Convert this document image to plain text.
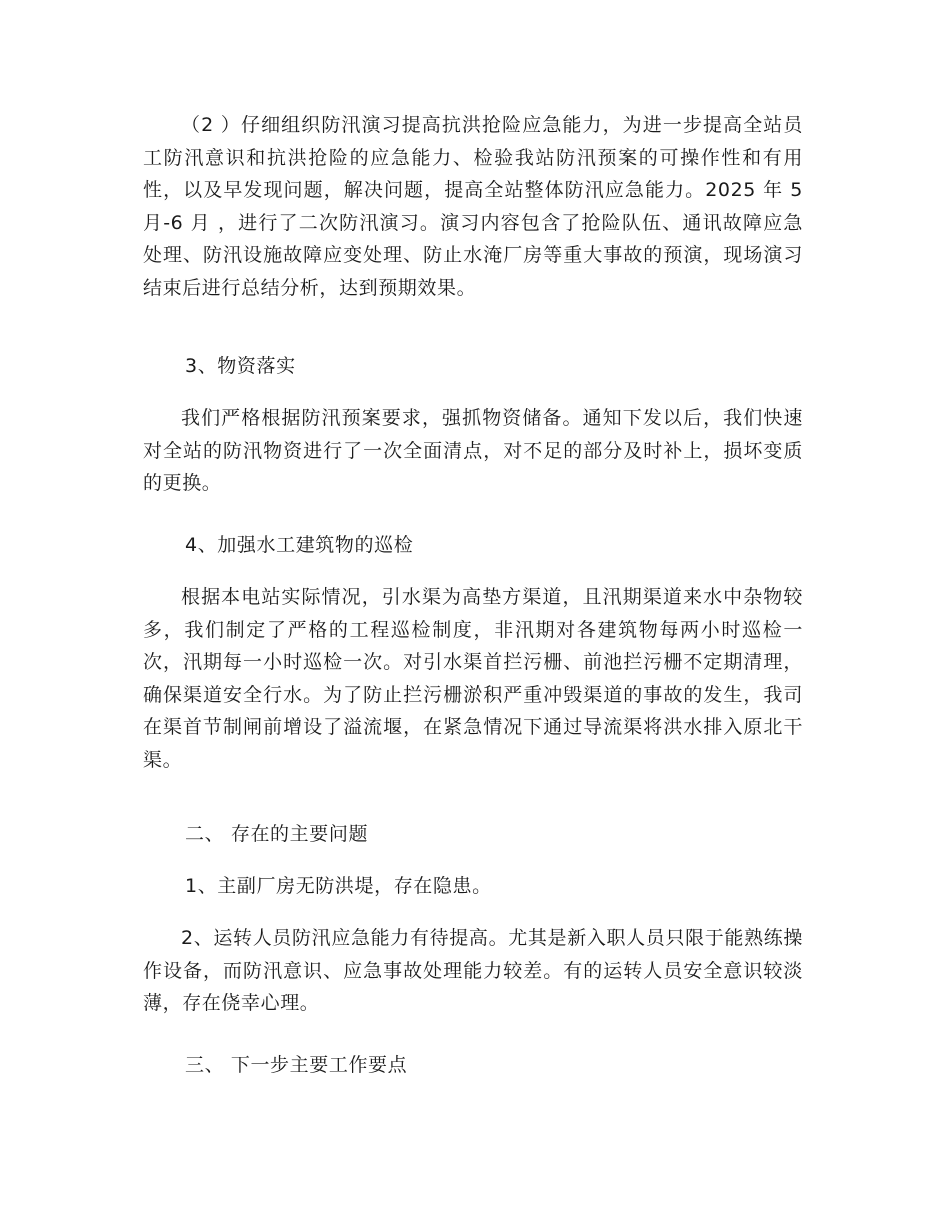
（2 ）仔细组织防汛演习提高抗洪抢险应急能力，为进一步提高全站员工防汛意识和抗洪抢险的应急能力、检验我站防汛预案的可操作性和有用性，以及早发现问题，解决问题，提高全站整体防汛应急能力。2025 年 5 月-6 月 ，进行了二次防汛演习。演习内容包含了抢险队伍、通讯故障应急处理、防汛设施故障应变处理、防止水淹厂房等重大事故的预演，现场演习结束后进行总结分析，达到预期效果。

3、物资落实

我们严格根据防汛预案要求，强抓物资储备。通知下发以后，我们快速对全站的防汛物资进行了一次全面清点，对不足的部分及时补上，损坏变质的更换。

4、加强水工建筑物的巡检

根据本电站实际情况，引水渠为高垫方渠道，且汛期渠道来水中杂物较多，我们制定了严格的工程巡检制度，非汛期对各建筑物每两小时巡检一次，汛期每一小时巡检一次。对引水渠首拦污栅、前池拦污栅不定期清理，确保渠道安全行水。为了防止拦污栅淤积严重冲毁渠道的事故的发生，我司在渠首节制闸前增设了溢流堰，在紧急情况下通过导流渠将洪水排入原北干渠。

二、 存在的主要问题

1、主副厂房无防洪堤，存在隐患。

2、运转人员防汛应急能力有待提高。尤其是新入职人员只限于能熟练操作设备，而防汛意识、应急事故处理能力较差。有的运转人员安全意识较淡薄，存在侥幸心理。

三、 下一步主要工作要点
